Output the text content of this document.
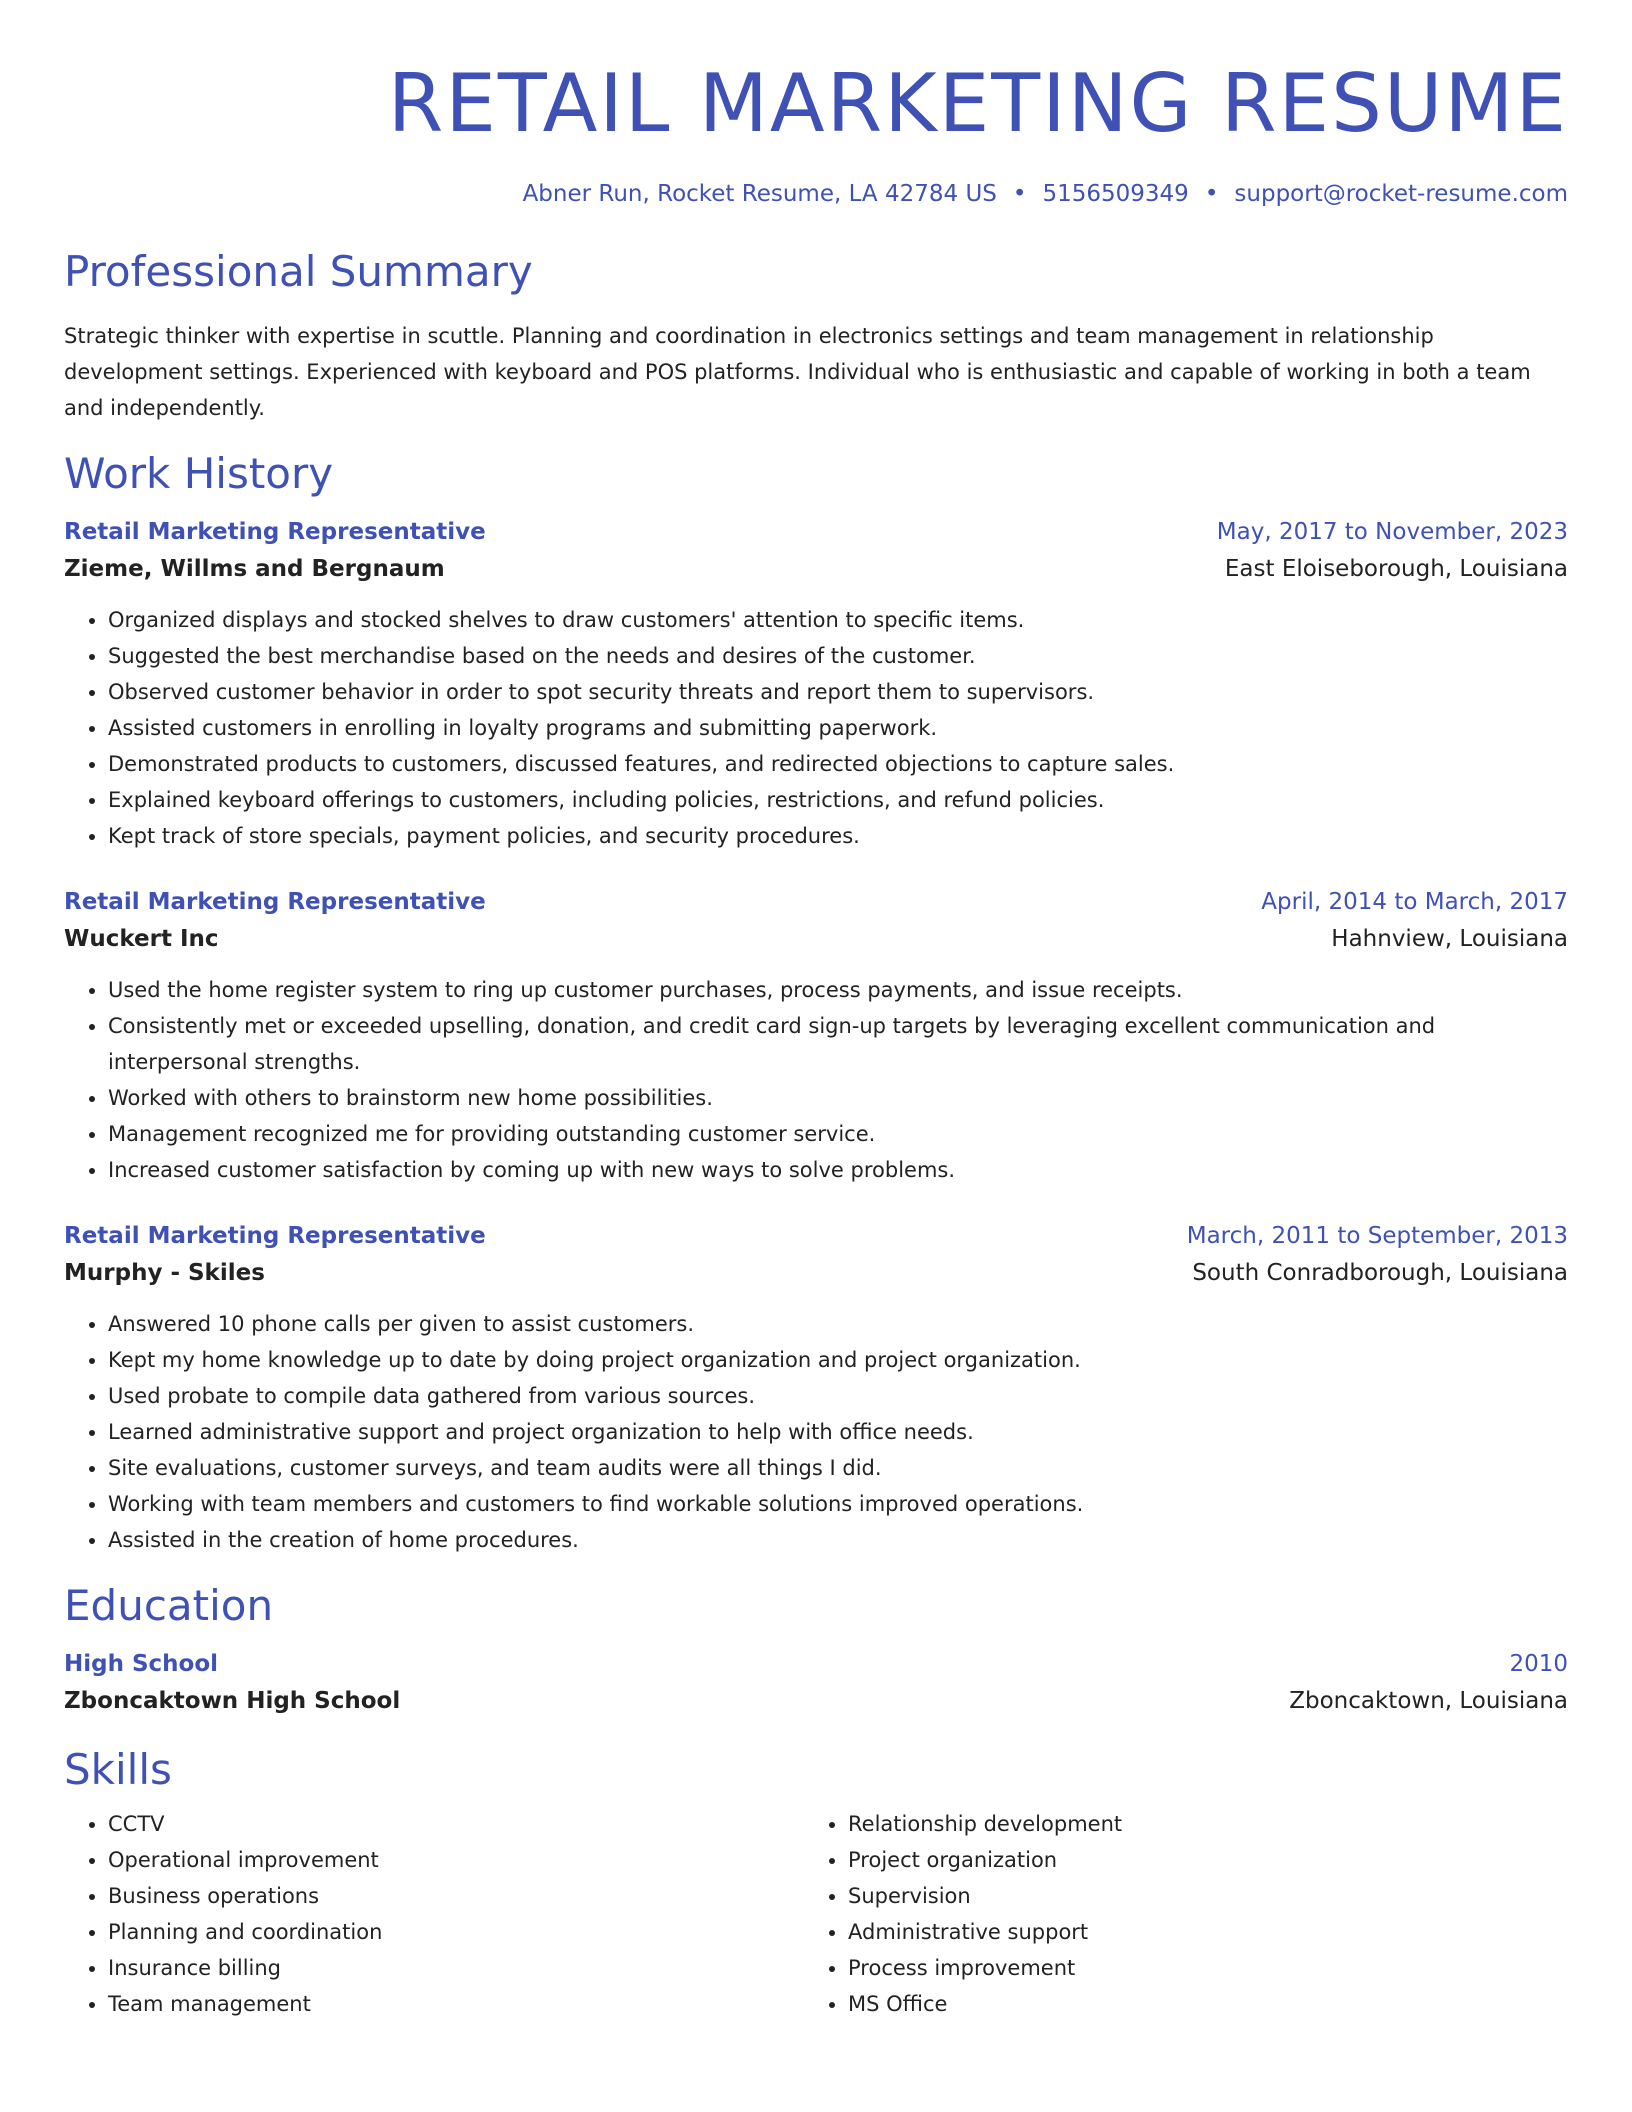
RETAIL MARKETING RESUME
Abner Run, Rocket Resume, LA 42784 US • 5156509349 • support@rocket-resume.com
Professional Summary
Strategic thinker with expertise in scuttle. Planning and coordination in electronics settings and team management in relationship development settings. Experienced with keyboard and POS platforms. Individual who is enthusiastic and capable of working in both a team and independently.
Work History
Retail Marketing Representative	May, 2017 to November, 2023
Zieme, Willms and Bergnaum	East Eloiseborough, Louisiana
• Organized displays and stocked shelves to draw customers' attention to specific items.
• Suggested the best merchandise based on the needs and desires of the customer.
• Observed customer behavior in order to spot security threats and report them to supervisors.
• Assisted customers in enrolling in loyalty programs and submitting paperwork.
• Demonstrated products to customers, discussed features, and redirected objections to capture sales.
• Explained keyboard offerings to customers, including policies, restrictions, and refund policies.
• Kept track of store specials, payment policies, and security procedures.
Retail Marketing Representative	April, 2014 to March, 2017
Wuckert Inc	Hahnview, Louisiana
• Used the home register system to ring up customer purchases, process payments, and issue receipts.
• Consistently met or exceeded upselling, donation, and credit card sign-up targets by leveraging excellent communication and interpersonal strengths.
• Worked with others to brainstorm new home possibilities.
• Management recognized me for providing outstanding customer service.
• Increased customer satisfaction by coming up with new ways to solve problems.
Retail Marketing Representative	March, 2011 to September, 2013
Murphy - Skiles	South Conradborough, Louisiana
• Answered 10 phone calls per given to assist customers.
• Kept my home knowledge up to date by doing project organization and project organization.
• Used probate to compile data gathered from various sources.
• Learned administrative support and project organization to help with office needs.
• Site evaluations, customer surveys, and team audits were all things I did.
• Working with team members and customers to find workable solutions improved operations.
• Assisted in the creation of home procedures.
Education
High School	2010
Zboncaktown High School	Zboncaktown, Louisiana
Skills
• CCTV
• Operational improvement
• Business operations
• Planning and coordination
• Insurance billing
• Team management
• Relationship development
• Project organization
• Supervision
• Administrative support
• Process improvement
• MS Office
